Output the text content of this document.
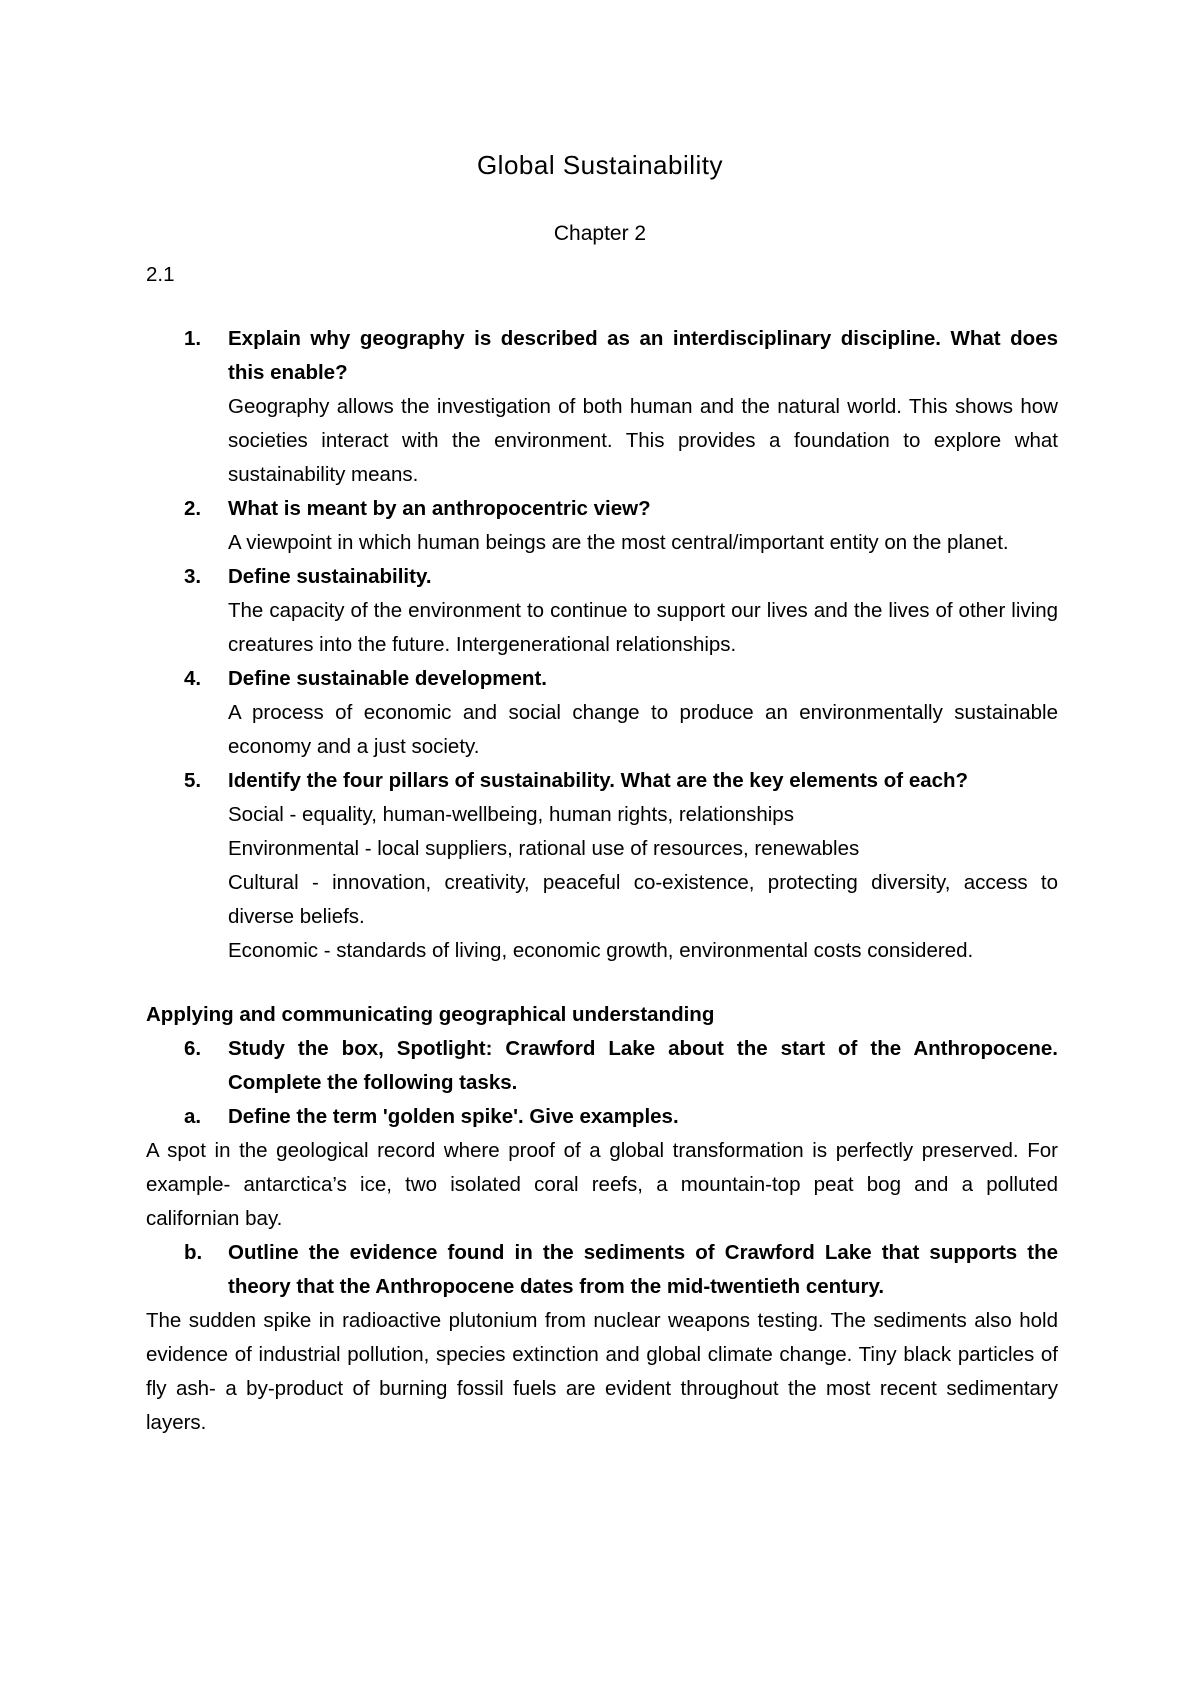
Global Sustainability
Chapter 2
2.1
1.	Explain why geography is described as an interdisciplinary discipline. What does this enable?
Geography allows the investigation of both human and the natural world. This shows how societies interact with the environment. This provides a foundation to explore what sustainability means.
2.	What is meant by an anthropocentric view?
A viewpoint in which human beings are the most central/important entity on the planet.
3.	Define sustainability.
The capacity of the environment to continue to support our lives and the lives of other living creatures into the future. Intergenerational relationships.
4.	Define sustainable development.
A process of economic and social change to produce an environmentally sustainable economy and a just society.
5.	Identify the four pillars of sustainability. What are the key elements of each?
Social - equality, human-wellbeing, human rights, relationships
Environmental - local suppliers, rational use of resources, renewables
Cultural - innovation, creativity, peaceful co-existence, protecting diversity, access to diverse beliefs.
Economic - standards of living, economic growth, environmental costs considered.
Applying and communicating geographical understanding
6.	Study the box, Spotlight: Crawford Lake about the start of the Anthropocene. Complete the following tasks.
a.	Define the term 'golden spike'. Give examples.
A spot in the geological record where proof of a global transformation is perfectly preserved. For example- antarctica’s ice, two isolated coral reefs, a mountain-top peat bog and a polluted californian bay.
b.	Outline the evidence found in the sediments of Crawford Lake that supports the theory that the Anthropocene dates from the mid-twentieth century.
The sudden spike in radioactive plutonium from nuclear weapons testing. The sediments also hold evidence of industrial pollution, species extinction and global climate change. Tiny black particles of fly ash- a by-product of burning fossil fuels are evident throughout the most recent sedimentary layers.
